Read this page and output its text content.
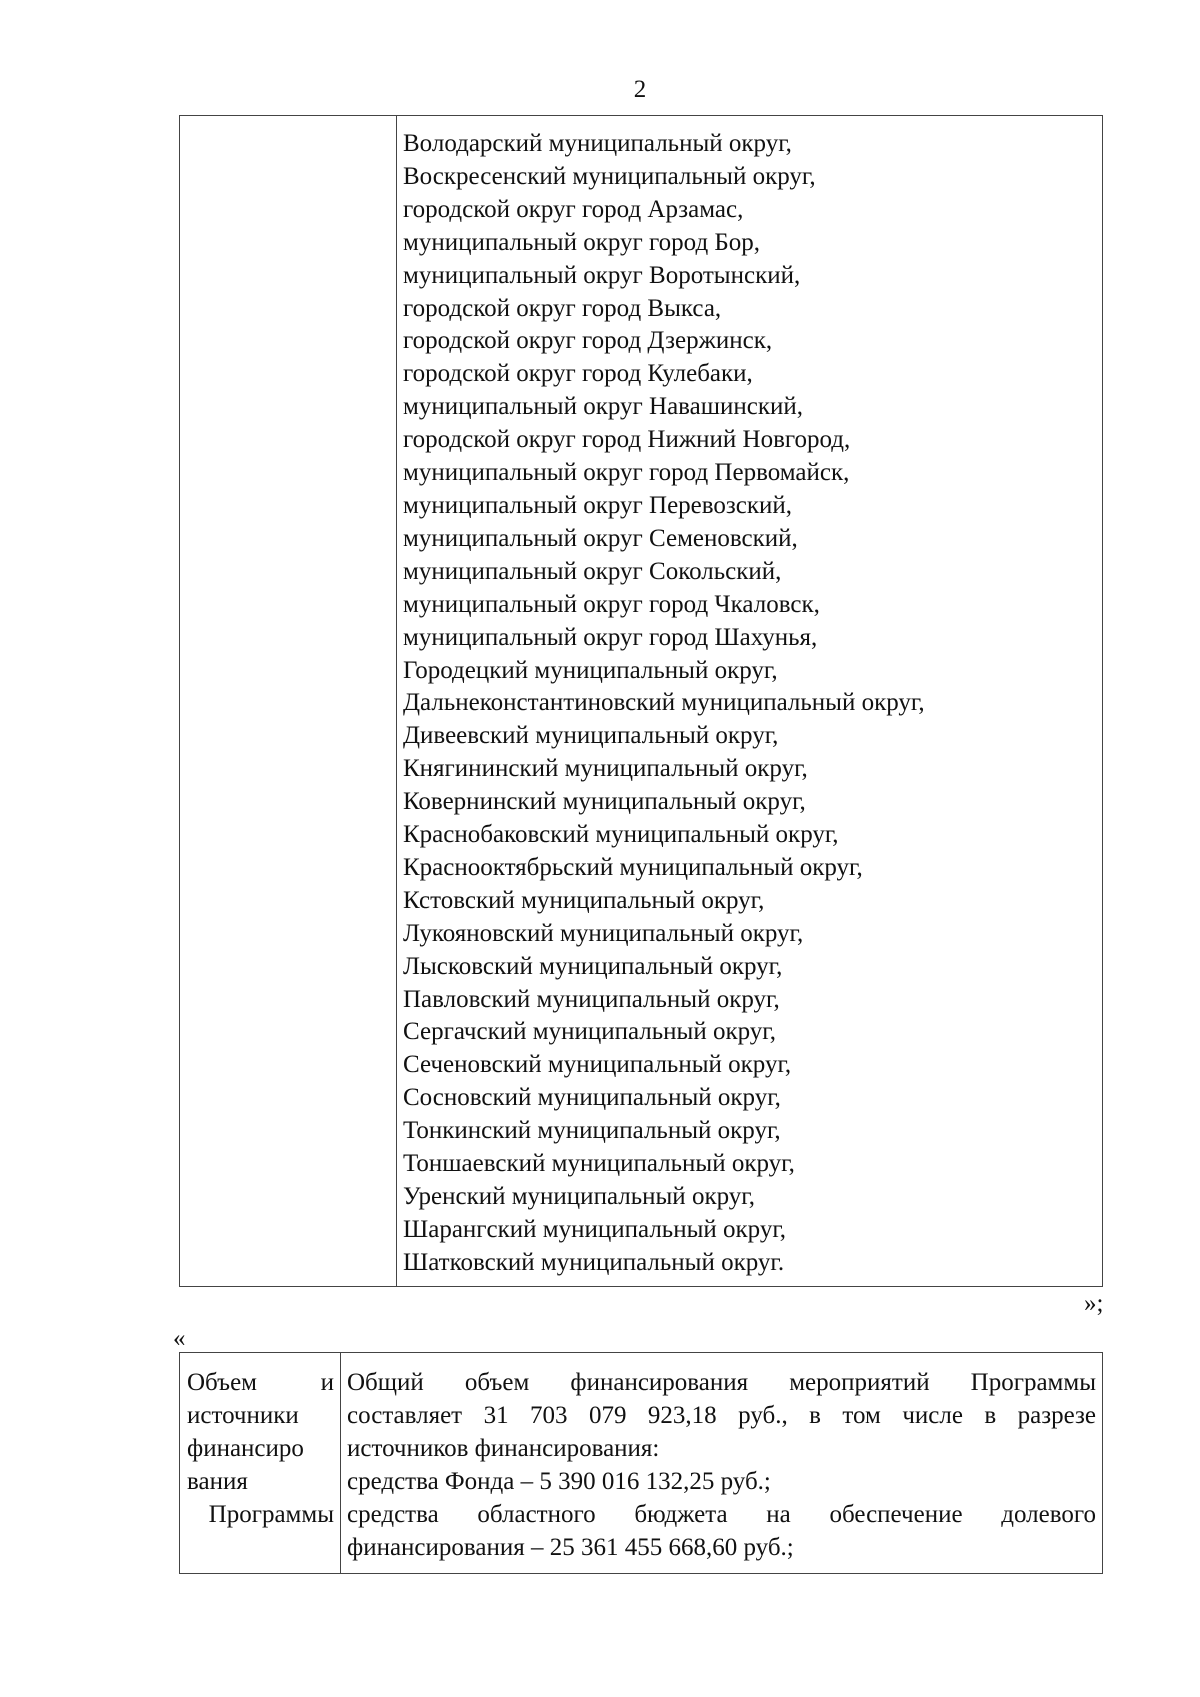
2
Володарский муниципальный округ,
Воскресенский муниципальный округ,
городской округ город Арзамас,
муниципальный округ город Бор,
муниципальный округ Воротынский,
городской округ город Выкса,
городской округ город Дзержинск,
городской округ город Кулебаки,
муниципальный округ Навашинский,
городской округ город Нижний Новгород,
муниципальный округ город Первомайск,
муниципальный округ Перевозский,
муниципальный округ Семеновский,
муниципальный округ Сокольский,
муниципальный округ город Чкаловск,
муниципальный округ город Шахунья,
Городецкий муниципальный округ,
Дальнеконстантиновский муниципальный округ,
Дивеевский муниципальный округ,
Княгининский муниципальный округ,
Ковернинский муниципальный округ,
Краснобаковский муниципальный округ,
Краснооктябрьский муниципальный округ,
Кстовский муниципальный округ,
Лукояновский муниципальный округ,
Лысковский муниципальный округ,
Павловский муниципальный округ,
Сергачский муниципальный округ,
Сеченовский муниципальный округ,
Сосновский муниципальный округ,
Тонкинский муниципальный округ,
Тоншаевский муниципальный округ,
Уренский муниципальный округ,
Шарангский муниципальный округ,
Шатковский муниципальный округ.
»;
«
Объем	и
источники
финансиро
вания
Программы
Общий объем финансирования мероприятий Программы
составляет 31 703 079 923,18 руб., в том числе в разрезе
источников финансирования:
средства Фонда – 5 390 016 132,25 руб.;
средства областного бюджета на обеспечение долевого
финансирования – 25 361 455 668,60 руб.;
